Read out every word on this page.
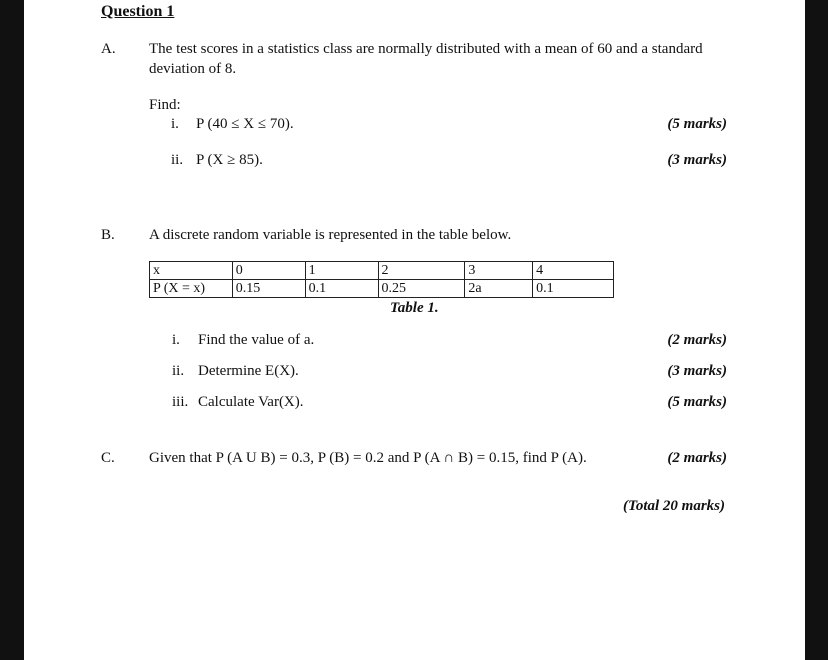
Question 1
A. The test scores in a statistics class are normally distributed with a mean of 60 and a standard
deviation of 8.
Find:
i. P (40 ≤ X ≤ 70).	(5 marks)
ii. P (X ≥ 85).	(3 marks)
B. A discrete random variable is represented in the table below.
x	0	1	2	3	4
P (X = x)	0.15	0.1	0.25	2a	0.1
Table 1.
i. Find the value of a.	(2 marks)
ii. Determine E(X).	(3 marks)
iii. Calculate Var(X).	(5 marks)
C. Given that P (A U B) = 0.3, P (B) = 0.2 and P (A ∩ B) = 0.15, find P (A).	(2 marks)
(Total 20 marks)
